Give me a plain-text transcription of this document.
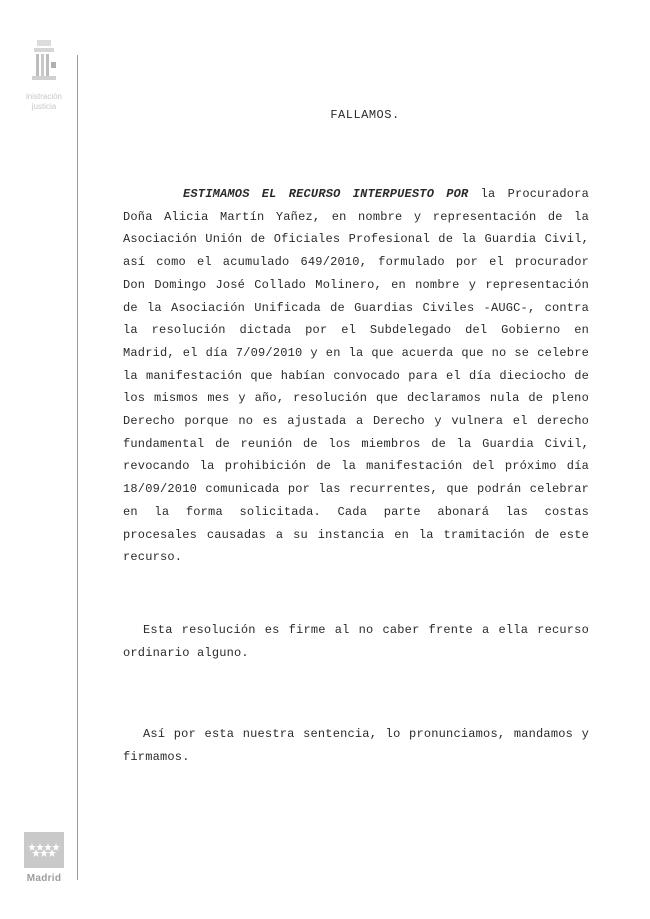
inistración
justicia
FALLAMOS.
ESTIMAMOS EL RECURSO INTERPUESTO POR la Procuradora Doña Alicia Martín Yañez, en nombre y representación de la Asociación Unión de Oficiales Profesional de la Guardia Civil, así como el acumulado 649/2010, formulado por el procurador Don Domingo José Collado Molinero, en nombre y representación de la Asociación Unificada de Guardias Civiles -AUGC-, contra la resolución dictada por el Subdelegado del Gobierno en Madrid, el día 7/09/2010 y en la que acuerda que no se celebre la manifestación que habían convocado para el día dieciocho de los mismos mes y año, resolución que declaramos nula de pleno Derecho porque no es ajustada a Derecho y vulnera el derecho fundamental de reunión de los miembros de la Guardia Civil, revocando la prohibición de la manifestación del próximo día 18/09/2010 comunicada por las recurrentes, que podrán celebrar en la forma solicitada. Cada parte abonará las costas procesales causadas a su instancia en la tramitación de este recurso.
Esta resolución es firme al no caber frente a ella recurso ordinario alguno.
Así por esta nuestra sentencia, lo pronunciamos, mandamos y firmamos.
Madrid
